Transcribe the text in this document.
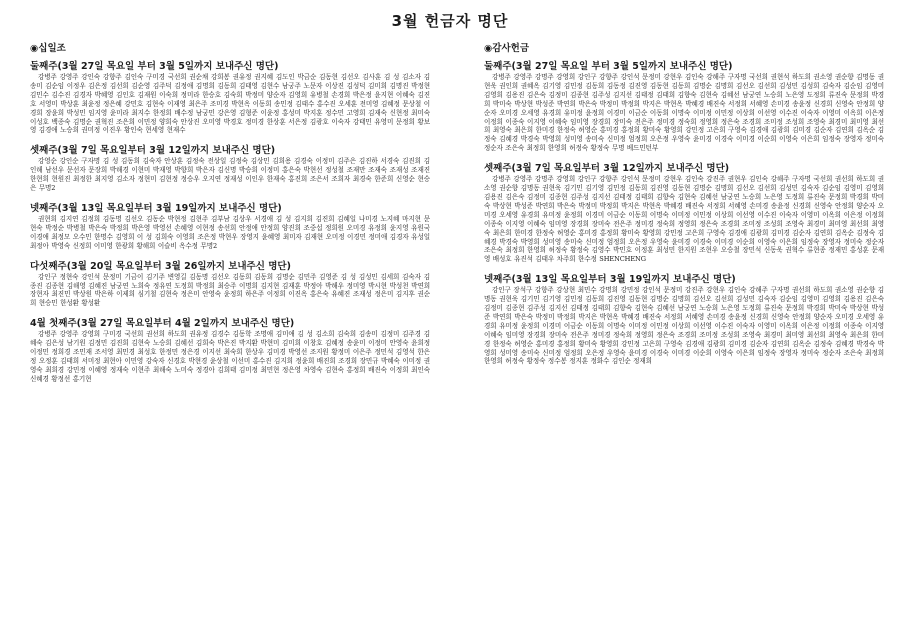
3월 헌금자 명단
◉십일조
둘째주(3월 27일 목요일 부터 3월 5일까지 보내주신 명단)
강병주 강영주 강인숙 강향주 김인숙 구미경 국선희 권순채 강희봉 권유정 권지혜 김도인 박금순 김동현 김선오 김사훈 김 성 김소자 김송미 김순임 이정우 김은정 김선희 김순영 김주덕 김정애 김명희 김동희 김태영 김현수 남궁주 노문자 이상진 김성덕 김미희 김명진 박정현 김민수 김수진 김경자 박혜영 김인호 김재원 이숙희 정미라 한승호 김숙희 박정미 양순자 김영희 유병철 손경희 박은정 윤지현 이혜숙 김진호 서영미 박상훈 최윤정 정은혜 강민호 김현숙 이재영 최은주 조미경 박현옥 이동희 송민정 김태수 홍수진 오세훈 전미영 김혜정 문상철 이경희 장윤희 박성민 임지영 윤미라 최지수 한정희 배수정 남궁민 강은영 김형준 이윤정 홍성미 박지훈 정수민 고영희 김재숙 신현정 최미숙 이성호 백종숙 김명순 권혁진 조은희 이민정 양희숙 안상진 오미영 박경호 정미경 한상훈 서은정 김광호 이숙자 강태민 유영미 문정희 황보영 김경애 노승희 권미정 이진우 황인숙 현세영 현재수
셋째주(3월 7일 목요일부터 3월 12일까지 보내주신 명단)
강영순 강인순 구자명 김 성 김동희 김숙자 안상훈 김정숙 전상일 김정숙 김상민 김희용 김경숙 이정미 김주은 김진하 서경숙 김진희 김인해 남선우 문선자 문장희 박해경 이현미 박재영 박향희 박은자 김신명 박승희 이정미 홍은숙 박현선 정성철 조재만 조재숙 조재성 조재진 한현희 현원진 최정한 최지영 김소자 정현미 김현정 정승우 오지연 정재성 이인우 한재숙 홍진희 조은서 조희자 최경숙 한준희 신영순 현승은 무명2
넷째주(3월 13일 목요일부터 3월 19일까지 보내주신 명단)
권현희 김지연 김정희 김동명 김선오 김동순 박현정 김현주 김부남 김상우 서경애 김 성 김지희 김진희 김혜일 나미경 노지혜 마지현 문현숙 박정순 박병철 박은숙 박정희 박은영 박영선 손혜영 이현정 송선희 안정애 안정희 양진희 조중섭 정희원 오미경 유정희 윤지영 유원국 이경애 최정모 오수민 한명수 김영희 이 성 김희숙 이영희 조은정 박현우 장영지 윤혜영 최미자 김재현 오미정 이경민 정미애 김경자 유성일 최정아 박영숙 신정희 이미영 한광희 황해희 이슬비 옥수정 무명2
다섯째주(3월 20일 목요일부터 3월 26일까지 보내주신 명단)
강인구 정현숙 강인석 문정미 기금이 김기주 변영길 김동명 김선오 김동희 김동희 김명순 김민주 김영준 김 성 김성민 김세희 김숙자 김종진 김종현 김해영 김혜진 남궁연 노희숙 정유연 도정희 박정희 최승주 이명희 김지현 김재훈 박정아 박해우 정미영 박시현 박성천 박연희 장현자 최진민 박상원 박은하 이제희 심기철 김현숙 정은미 안영숙 윤정희 하은주 이정희 이진옥 홍은숙 유혜진 조재성 정은미 김지후 권순희 현승민 한성환 황성환
4월 첫째주(3월 27일 목요일부터 4월 2일까지 보내주신 명단)
강병주 강영주 강영희 구미경 국선희 권선희 하도희 권유정 김경수 김동학 조명애 김미애 김 성 김소희 김숙희 김송미 김정미 김주경 김혜숙 김은성 남기원 김정민 김진희 김현숙 노승희 김혜선 김희숙 박은진 박지환 박현미 김미희 이창호 김혜정 송윤미 이정미 안영숙 윤희정 이정민 정희경 조민재 조서영 최민경 최성호 한정민 정은경 이지선 최숙희 한상우 김미경 박영선 조지원 황정미 이은주 정민석 김영석 한은정 오정훈 김태희 서미정 최현아 이민영 강숙자 신경호 박현경 윤상철 이선미 홍수진 김지희 정윤희 배진희 조경희 장민규 박혜숙 이미정 권영숙 최희경 강민정 이혜영 정재숙 이현주 최해숙 노미숙 정경아 김희태 김미정 최민현 정은영 차영숙 김현숙 홍정희 배진숙 이정희 최인숙 신혜경 황정선 홍기현
◉감사헌금
둘째주(3월 27일 목요일 부터 3월 5일까지 보내주신 명단)
강병주 강영주 강명주 강영희 강인구 강향주 강인석 문정미 강현우 김인숙 강해주 구자명 국선희 권현석 하도희 권소영 권순향 김명동 권현욱 권인희 권혜옥 김기영 김민정 김동희 김동정 김진영 김동현 김동희 김명순 김명희 김선오 김선희 김성민 김성희 김숙자 김순임 김영미 김영희 김용진 김은숙 김정미 김종현 김주성 김지선 김태정 김태희 김향숙 김현숙 김혜선 남궁연 노승희 노은영 도정희 류진숙 문정희 박경희 박미숙 박상현 박성준 박연희 박은숙 박정미 박정희 박지은 박현옥 박혜경 배진숙 서정희 서혜영 손미경 송윤정 신경희 신영숙 안정희 양순자 오미경 오세영 유경희 유미정 윤정희 이경미 이금순 이동희 이명숙 이미정 이민정 이상희 이선영 이수진 이숙자 이영미 이옥희 이은정 이정희 이종숙 이지영 이혜숙 임미영 장경희 장미숙 전은주 정미경 정숙희 정영희 정은숙 조경희 조미정 조성희 조영숙 최경미 최미영 최선희 최영숙 최은희 한미경 한정숙 허영순 홍미경 홍정희 황미숙 황영희 강민정 고은희 구영숙 김경애 김광희 김미경 김순자 김연희 김옥순 김정숙 김혜경 박경숙 박영희 성미영 송미숙 신미정 엄정희 오은정 우영숙 윤미경 이경숙 이미경 이순희 이영숙 이은희 임정숙 장영자 정미숙 정순자 조은숙 최정희 한영희 허정숙 황정숙 무명 베드민턴부
셋째주(3월 7일 목요일부터 3월 12일까지 보내주신 명단)
강병주 강영주 강명주 강영희 강인구 강향주 강인석 문정미 강현우 김인숙 강진주 권현우 김인숙 강해주 구자명 국선희 권선희 하도희 권소영 권순향 김명동 권현욱 김기민 김기영 김민정 김동희 김진영 김동현 김명순 김명희 김선오 김선희 김성민 김숙자 김순임 김영미 김영희 김용진 김은숙 김정미 김종현 김주성 김지선 김태정 김태희 김향숙 김현숙 김혜선 남궁연 노승희 노은영 도정희 류진숙 문정희 박경희 박미숙 박상현 박성준 박연희 박은숙 박정미 박정희 박지은 박현옥 박혜경 배진숙 서정희 서혜영 손미경 송윤정 신경희 신영숙 안정희 양순자 오미경 오세영 유경희 유미정 윤정희 이경미 이금순 이동희 이명숙 이미정 이민정 이상희 이선영 이수진 이숙자 이영미 이옥희 이은정 이정희 이종숙 이지영 이혜숙 임미영 장경희 장미숙 전은주 정미경 정숙희 정영희 정은숙 조경희 조미정 조성희 조영숙 최경미 최미영 최선희 최영숙 최은희 한미경 한정숙 허영순 홍미경 홍정희 황미숙 황영희 강민정 고은희 구영숙 김경애 김광희 김미경 김순자 김연희 김옥순 김정숙 김혜경 박경숙 박영희 성미영 송미숙 신미정 엄정희 오은정 우영숙 윤미경 이경숙 이미경 이순희 이영숙 이은희 임정숙 장영자 정미숙 정순자 조은숙 최정희 한영희 허정숙 황정숙 김영수 박민호 이정훈 최성민 한지원 조현우 오승철 장민석 신동욱 권혁수 류현종 정재민 홍성훈 문재영 배성호 유진석 김태우 차주희 한수정 SHENCHENG
넷째주(3월 13일 목요일부터 3월 19일까지 보내주신 명단)
강인구 장석구 강향주 강상현 최민수 강명희 강민정 강인석 문정미 강진주 강현우 김인숙 강해주 구자명 권선희 하도희 권소영 권순향 김명동 권현욱 김기민 김기영 김민정 김동희 김진영 김동현 김명순 김명희 김선오 김선희 김성민 김숙자 김순임 김영미 김영희 김용진 김은숙 김정미 김종현 김주성 김지선 김태정 김태희 김향숙 김현숙 김혜선 남궁연 노승희 노은영 도정희 류진숙 문정희 박경희 박미숙 박상현 박성준 박연희 박은숙 박정미 박정희 박지은 박현옥 박혜경 배진숙 서정희 서혜영 손미경 송윤정 신경희 신영숙 안정희 양순자 오미경 오세영 유경희 유미정 윤정희 이경미 이금순 이동희 이명숙 이미정 이민정 이상희 이선영 이수진 이숙자 이영미 이옥희 이은정 이정희 이종숙 이지영 이혜숙 임미영 장경희 장미숙 전은주 정미경 정숙희 정영희 정은숙 조경희 조미정 조성희 조영숙 최경미 최미영 최선희 최영숙 최은희 한미경 한정숙 허영순 홍미경 홍정희 황미숙 황영희 강민정 고은희 구영숙 김경애 김광희 김미경 김순자 김연희 김옥순 김정숙 김혜경 박경숙 박영희 성미영 송미숙 신미정 엄정희 오은정 우영숙 윤미경 이경숙 이미경 이순희 이영숙 이은희 임정숙 장영자 정미숙 정순자 조은숙 최정희 한영희 허정숙 황정숙 정수봉 정지훈 정화수 김인순 정재희
